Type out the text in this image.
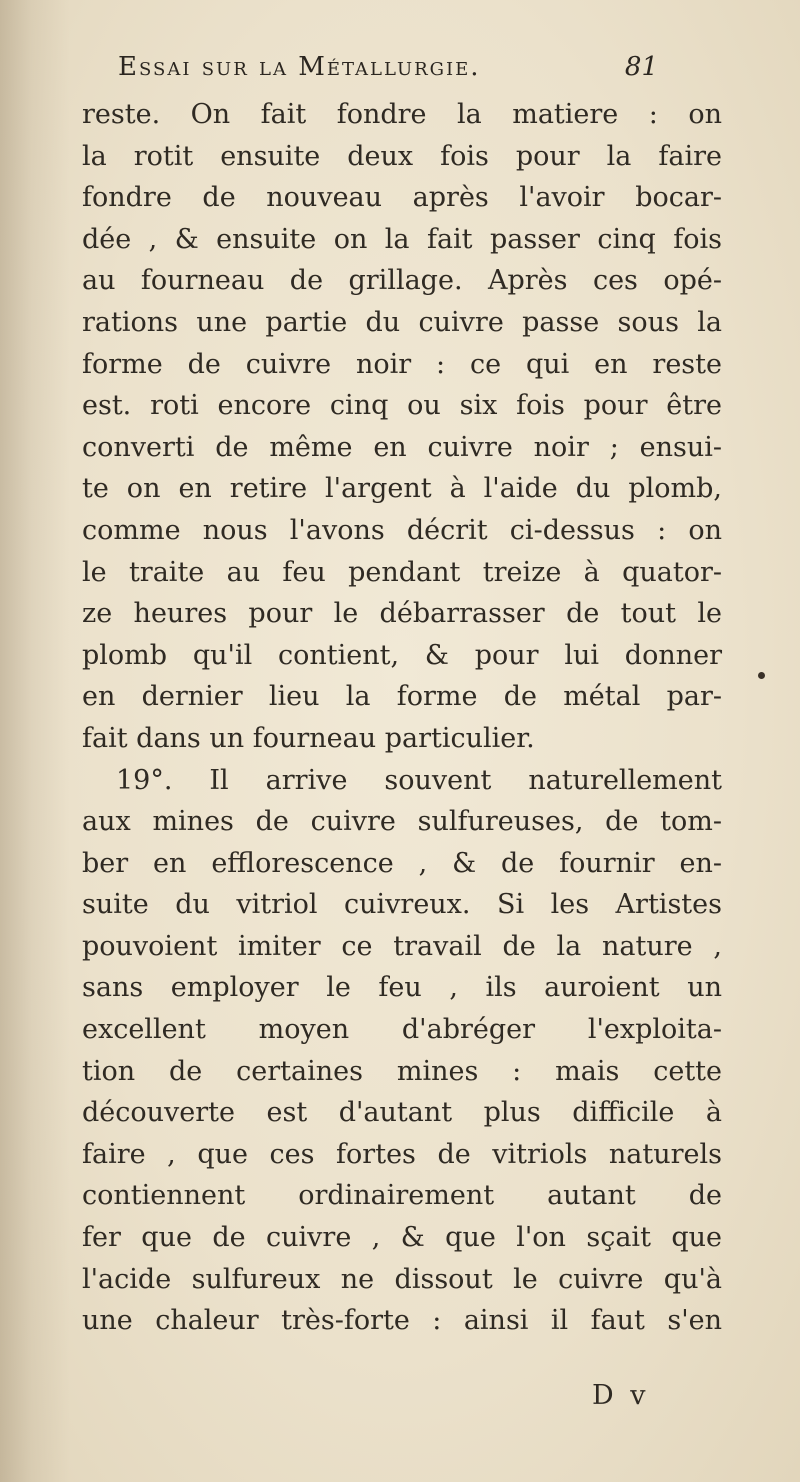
Essai sur la Métallurgie.	81
reste. On fait fondre la matiere : on
la rotit ensuite deux fois pour la faire
fondre de nouveau après l'avoir bocar-
dée , & ensuite on la fait passer cinq fois
au fourneau de grillage. Après ces opé-
rations une partie du cuivre passe sous la
forme de cuivre noir : ce qui en reste
est. roti encore cinq ou six fois pour être
converti de même en cuivre noir ; ensui-
te on en retire l'argent à l'aide du plomb,
comme nous l'avons décrit ci-dessus : on
le traite au feu pendant treize à quator-
ze heures pour le débarrasser de tout le
plomb qu'il contient, & pour lui donner
en dernier lieu la forme de métal par-
fait dans un fourneau particulier.
19°. Il arrive souvent naturellement
aux mines de cuivre sulfureuses, de tom-
ber en efflorescence , & de fournir en-
suite du vitriol cuivreux. Si les Artistes
pouvoient imiter ce travail de la nature ,
sans employer le feu , ils auroient un
excellent moyen d'abréger l'exploita-
tion de certaines mines : mais cette
découverte est d'autant plus difficile à
faire , que ces fortes de vitriols naturels
contiennent ordinairement autant de
fer que de cuivre , & que l'on sçait que
l'acide sulfureux ne dissout le cuivre qu'à
une chaleur très-forte : ainsi il faut s'en
D v
